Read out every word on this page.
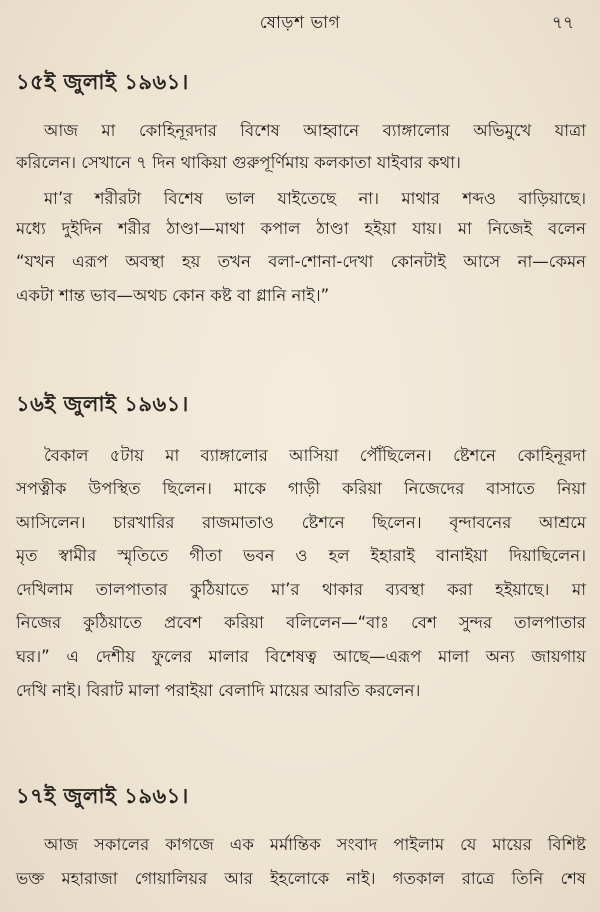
ষোড়শ ভাগ	৭৭
১৫ই জুলাই ১৯৬১।
আজ মা কোহিনূরদার বিশেষ আহ্বানে ব্যাঙ্গালোর অভিমুখে যাত্রা
করিলেন। সেখানে ৭ দিন থাকিয়া গুরুপূর্ণিমায় কলকাতা যাইবার কথা।
মা’র শরীরটা বিশেষ ভাল যাইতেছে না। মাথার শব্দও বাড়িয়াছে।
মধ্যে দুইদিন শরীর ঠাণ্ডা—মাথা কপাল ঠাণ্ডা হইয়া যায়। মা নিজেই বলেন
“যখন এরূপ অবস্থা হয় তখন বলা-শোনা-দেখা কোনটাই আসে না—কেমন
একটা শান্ত ভাব—অথচ কোন কষ্ট বা গ্লানি নাই।”
১৬ই জুলাই ১৯৬১।
বৈকাল ৫টায় মা ব্যাঙ্গালোর আসিয়া পৌঁছিলেন। ষ্টেশনে কোহিনূরদা
সপত্নীক উপস্থিত ছিলেন। মাকে গাড়ী করিয়া নিজেদের বাসাতে নিয়া
আসিলেন। চারখারির রাজমাতাও ষ্টেশনে ছিলেন। বৃন্দাবনের আশ্রমে
মৃত স্বামীর স্মৃতিতে গীতা ভবন ও হল ইহারাই বানাইয়া দিয়াছিলেন।
দেখিলাম তালপাতার কুঠিয়াতে মা’র থাকার ব্যবস্থা করা হইয়াছে। মা
নিজের কুঠিয়াতে প্রবেশ করিয়া বলিলেন—“বাঃ বেশ সুন্দর তালপাতার
ঘর।” এ দেশীয় ফুলের মালার বিশেষত্ব আছে—এরূপ মালা অন্য জায়গায়
দেখি নাই। বিরাট মালা পরাইয়া বেলাদি মায়ের আরতি করলেন।
১৭ই জুলাই ১৯৬১।
আজ সকালের কাগজে এক মর্মান্তিক সংবাদ পাইলাম যে মায়ের বিশিষ্ট
ভক্ত মহারাজা গোয়ালিয়র আর ইহলোকে নাই। গতকাল রাত্রে তিনি শেষ
